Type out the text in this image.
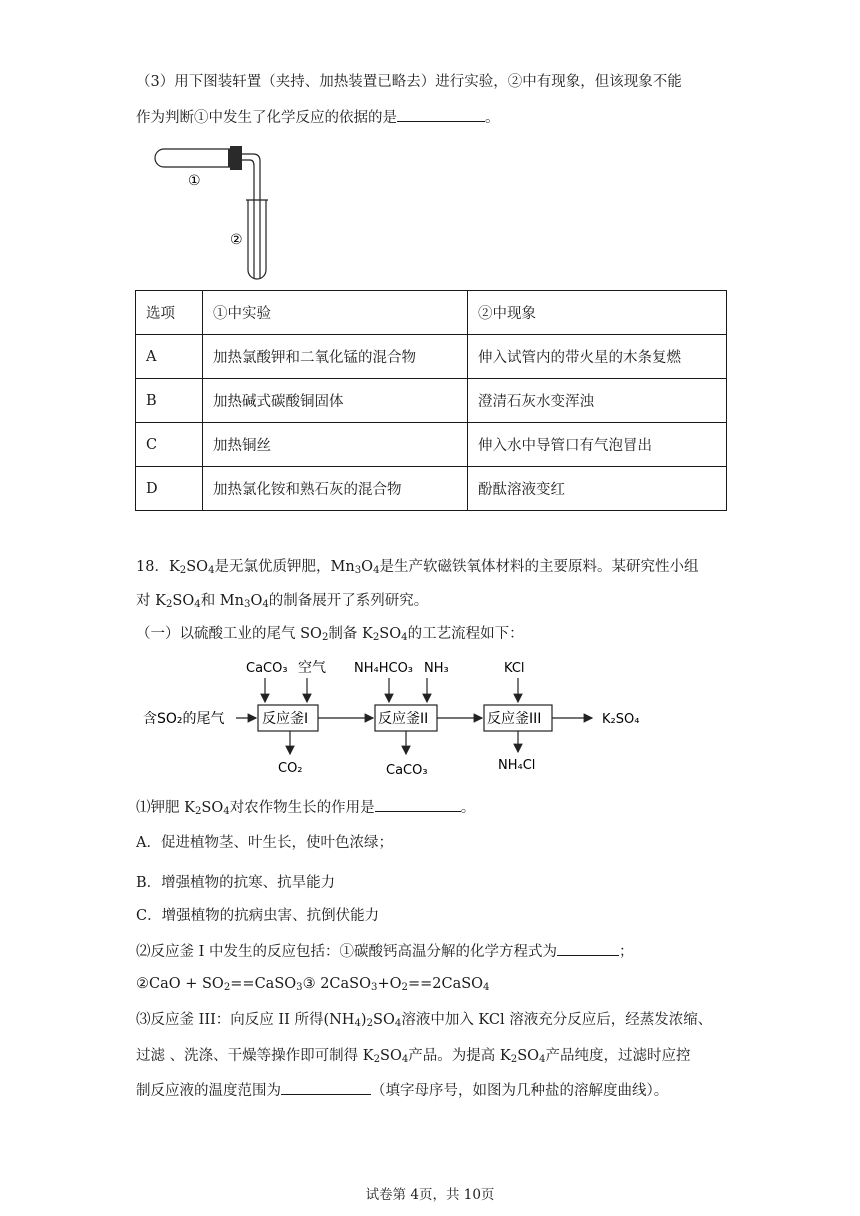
（3）用下图装轩置（夹持、加热装置已略去）进行实验，②中有现象，但该现象不能
作为判断①中发生了化学反应的依据的是	。
①
②
选项	①中实验	②中现象
A	加热氯酸钾和二氧化锰的混合物	伸入试管内的带火星的木条复燃
B	加热碱式碳酸铜固体	澄清石灰水变浑浊
C	加热铜丝	伸入水中导管口有气泡冒出
D	加热氯化铵和熟石灰的混合物	酚酞溶液变红
18．$K_2SO_4$是无氯优质钾肥，$Mn_3O_4$是生产软磁铁氧体材料的主要原料。某研究性小组
对 $K_2SO_4$和 $Mn_3O_4$的制备展开了系列研究。
（一）以硫酸工业的尾气 $SO_2$制备 $K_2SO_4$的工艺流程如下：
CaCO₃ 空气 NH₄HCO₃ NH₃	KCl
含SO₂的尾气	反应釜I	反应釜II	反应釜III	K₂SO₄
CO₂	CaCO₃	NH₄Cl
⑴钾肥 $K_2SO_4$对农作物生长的作用是	。
A．促进植物茎、叶生长，使叶色浓绿；
B．增强植物的抗寒、抗旱能力
C．增强植物的抗病虫害、抗倒伏能力
⑵反应釜 I 中发生的反应包括：①碳酸钙高温分解的化学方程式为	；
②CaO + $SO_2==CaSO_3③$ $2CaSO_3+O_2==2CaSO_4$
⑶反应釜 III：向反应 II 所得$(NH_4)_2SO_4$溶液中加入 KCl 溶液充分反应后，经蒸发浓缩、
过滤 、洗涤、干燥等操作即可制得 $K_2SO_4$产品。为提高 $K_2SO_4$产品纯度，过滤时应控
制反应液的温度范围为	（填字母序号，如图为几种盐的溶解度曲线）。
试卷第 4页，共 10页
